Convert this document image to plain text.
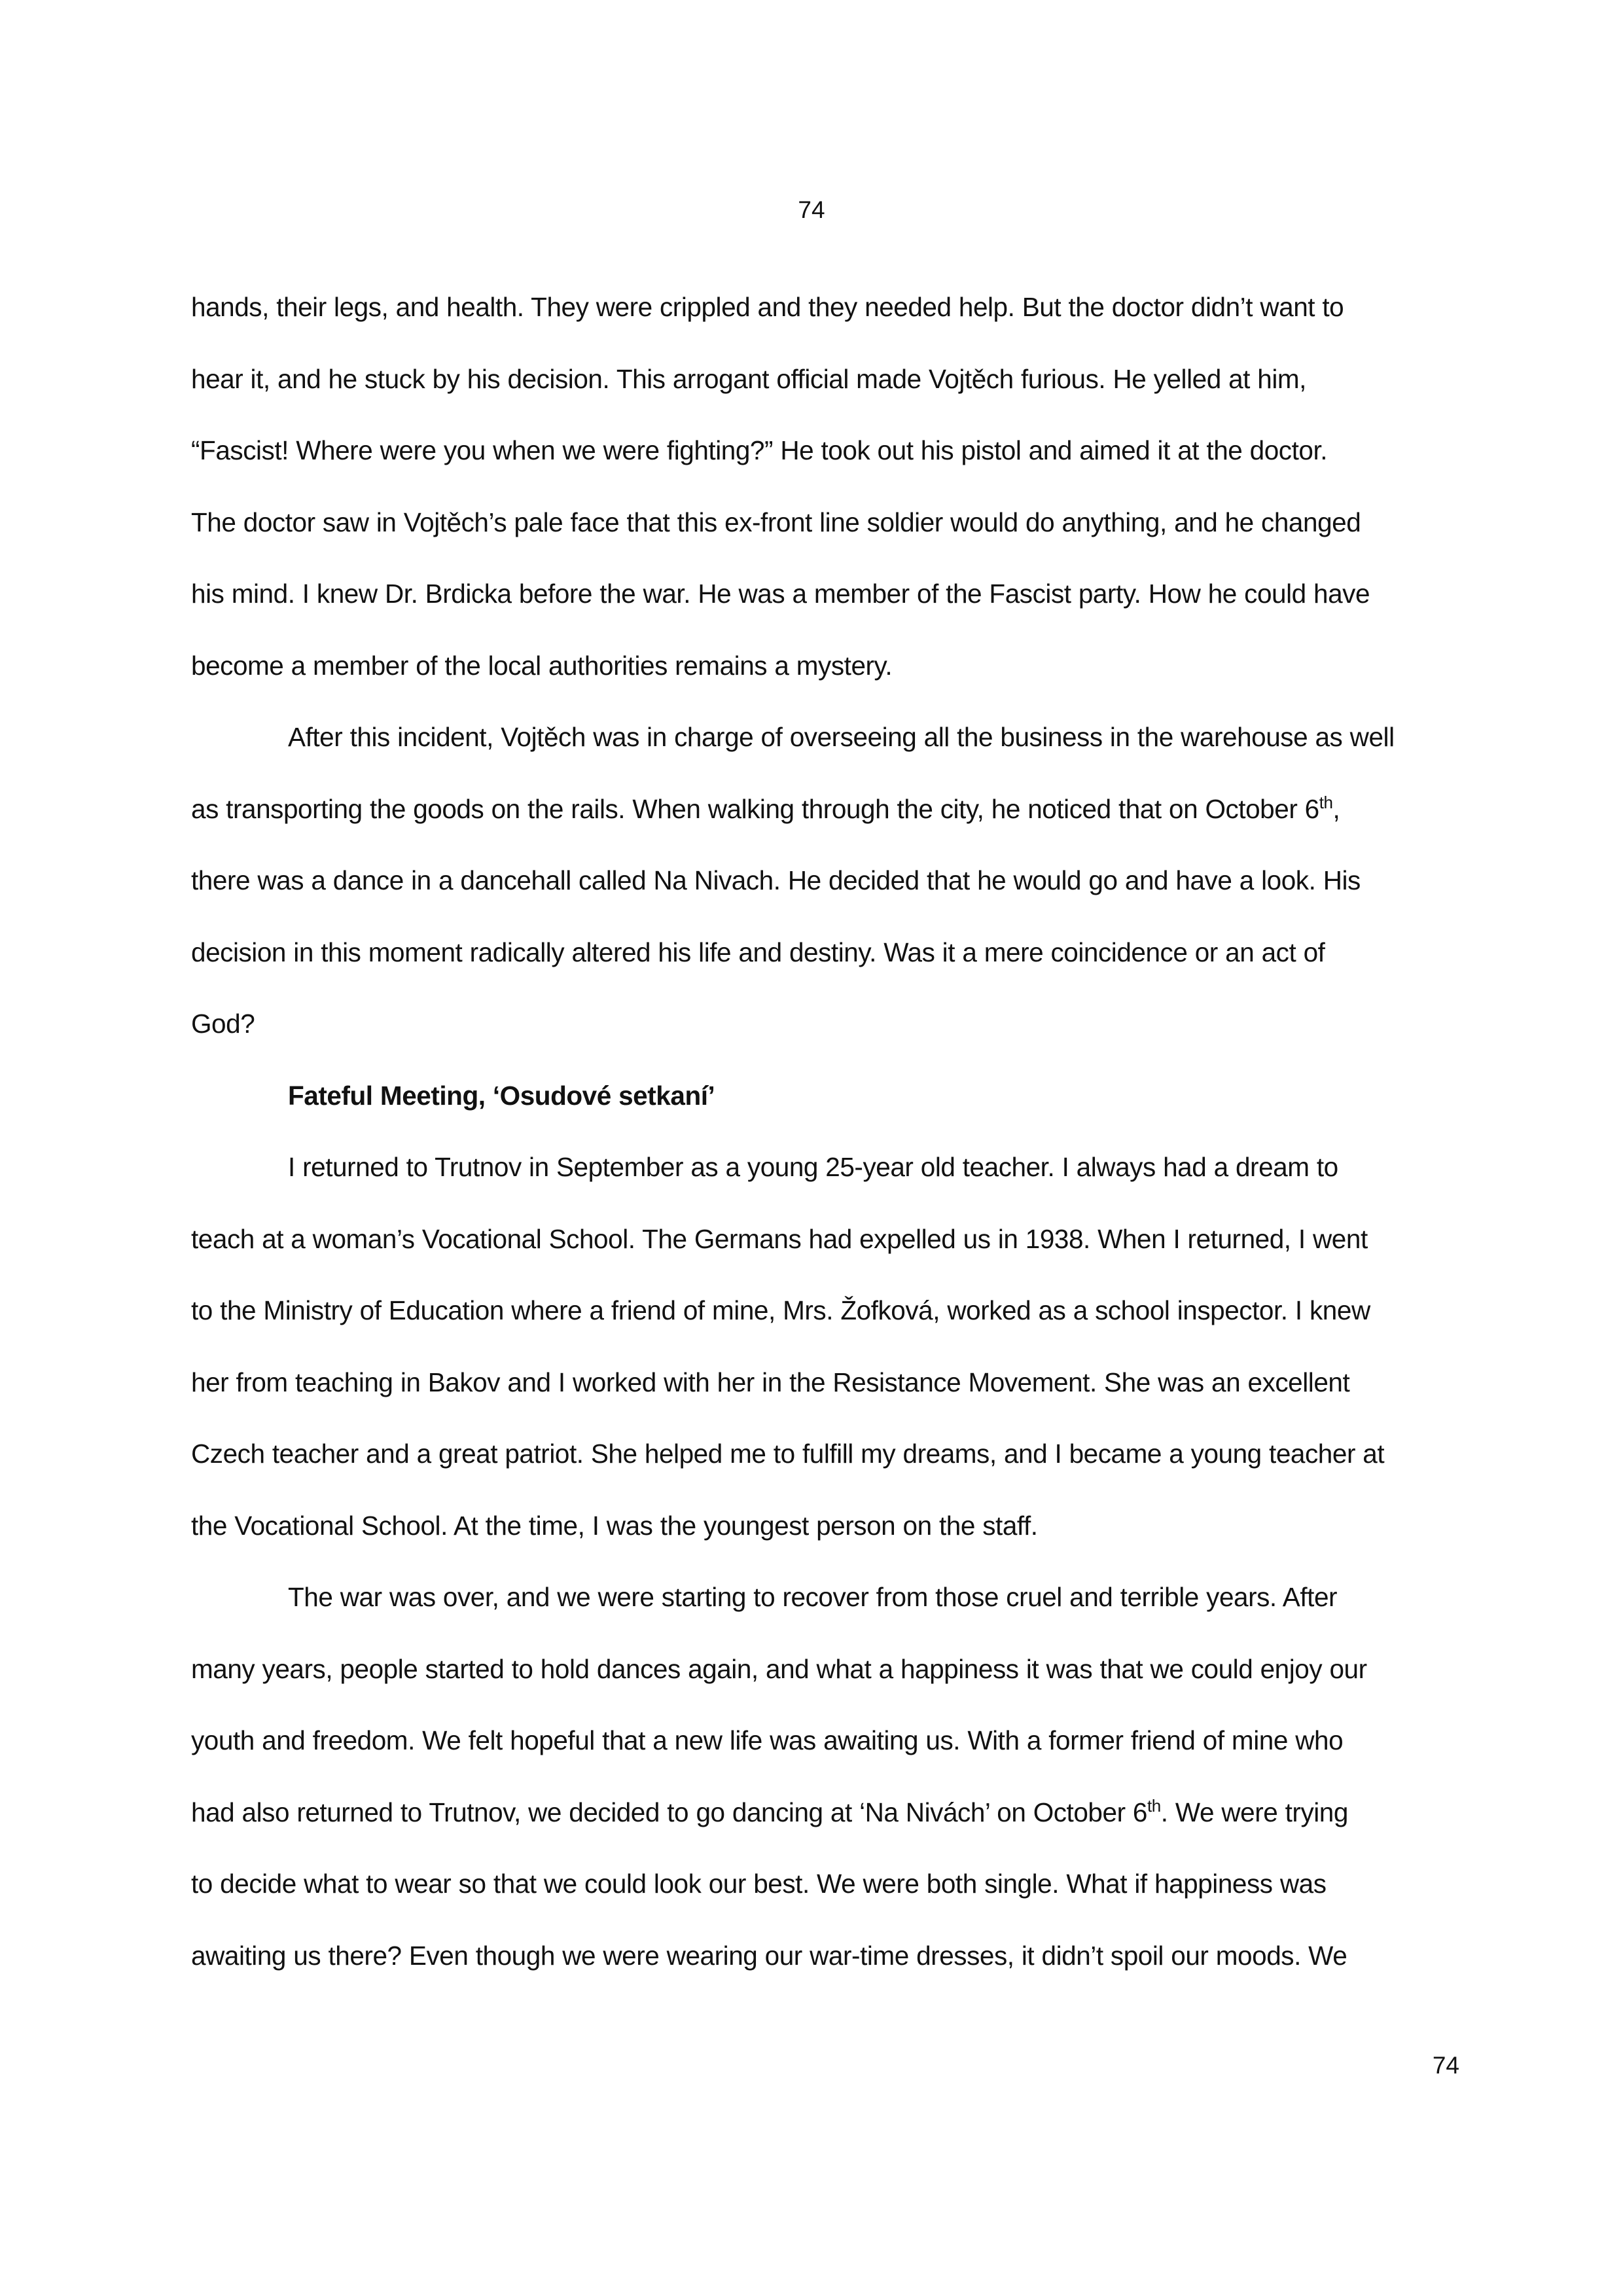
74
hands, their legs, and health. They were crippled and they needed help. But the doctor didn’t want to
hear it, and he stuck by his decision. This arrogant official made Vojtěch furious. He yelled at him,
“Fascist! Where were you when we were fighting?” He took out his pistol and aimed it at the doctor.
The doctor saw in Vojtěch’s pale face that this ex-front line soldier would do anything, and he changed
his mind. I knew Dr. Brdicka before the war. He was a member of the Fascist party. How he could have
become a member of the local authorities remains a mystery.
After this incident, Vojtěch was in charge of overseeing all the business in the warehouse as well
as transporting the goods on the rails. When walking through the city, he noticed that on October 6th,
there was a dance in a dancehall called Na Nivach. He decided that he would go and have a look. His
decision in this moment radically altered his life and destiny. Was it a mere coincidence or an act of
God?
Fateful Meeting, ‘Osudové setkaní’
I returned to Trutnov in September as a young 25-year old teacher. I always had a dream to
teach at a woman’s Vocational School. The Germans had expelled us in 1938. When I returned, I went
to the Ministry of Education where a friend of mine, Mrs. Žofková, worked as a school inspector. I knew
her from teaching in Bakov and I worked with her in the Resistance Movement. She was an excellent
Czech teacher and a great patriot. She helped me to fulfill my dreams, and I became a young teacher at
the Vocational School. At the time, I was the youngest person on the staff.
The war was over, and we were starting to recover from those cruel and terrible years. After
many years, people started to hold dances again, and what a happiness it was that we could enjoy our
youth and freedom. We felt hopeful that a new life was awaiting us. With a former friend of mine who
had also returned to Trutnov, we decided to go dancing at ‘Na Nivách’ on October 6th. We were trying
to decide what to wear so that we could look our best. We were both single. What if happiness was
awaiting us there? Even though we were wearing our war-time dresses, it didn’t spoil our moods. We
74
